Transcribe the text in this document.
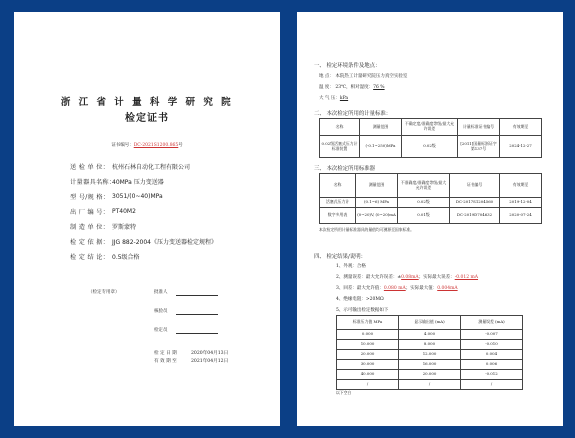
浙 江 省 计 量 科 学 研 究 院
检定证书
证书编号：DC-2021S1200.865号
送 检 单 位： 杭州石林自动化工程有限公司
计量器具名称：
40MPa 压力变送器
型 号/规 格： 3051/(0~40)MPa
出 厂 编 号： PT40M2
制 造 单 位： 罗斯蒙特
检 定 依 据： JJG 882-2004《压力变送器检定规程》
检 定 结 论： 0.5级合格
（检定专用章）	批准人
核验员
检定员
检 定 日 期	2020年04月13日
有 效 期 至	2021年04月12日
一、 检定环境条件及地点：
地 点： 本院热工计量研究院压力真空实验室
温 度： 23℃，相对湿度：76 %
大 气 压：kPa
二、 本次检定所用的计量标准：
名称	测量范围	不确定度/准确度等级/最大允许误差	计量标准证书编号	有效期至
0.02级活塞式压力计标准装置	(-0.1~250)MPa	0.02级	[2011]国量标浙证字第137号	2024-12-27
三、 本次检定所用标准器
名称	测量范围	不准确度/准确度等级/最大允许误差	证书编号	有效期至
活塞式压力计	(0.1~6) MPa	0.02级	DC-2017S1204560	2019-12-04
数字多用表	(0~20)V, (0~20)mA	0.01级	DC-2019D704632	2020-07-24
本次检定所用计量标准器具的量值均可溯源至国家标准。
四、 检定结果/说明：
1、外观：合格
2、测量误差：最大允许误差：±0.08mA；实际最大误差：-0.012 mA
3、回差：最大允许值：0.080 mA；实际最大值：0.004mA
4、绝缘电阻：>20MΩ
5、示可输出检定数据如下
标准压力值 MPa	显示输出值 (mA)	测量误差 (mA)
0.000	4.000	-0.007
10.000	8.000	-0.010
20.000	12.000	0.004
30.000	16.000	0.006
40.000	20.000	-0.012
/	/	/
以下空白
